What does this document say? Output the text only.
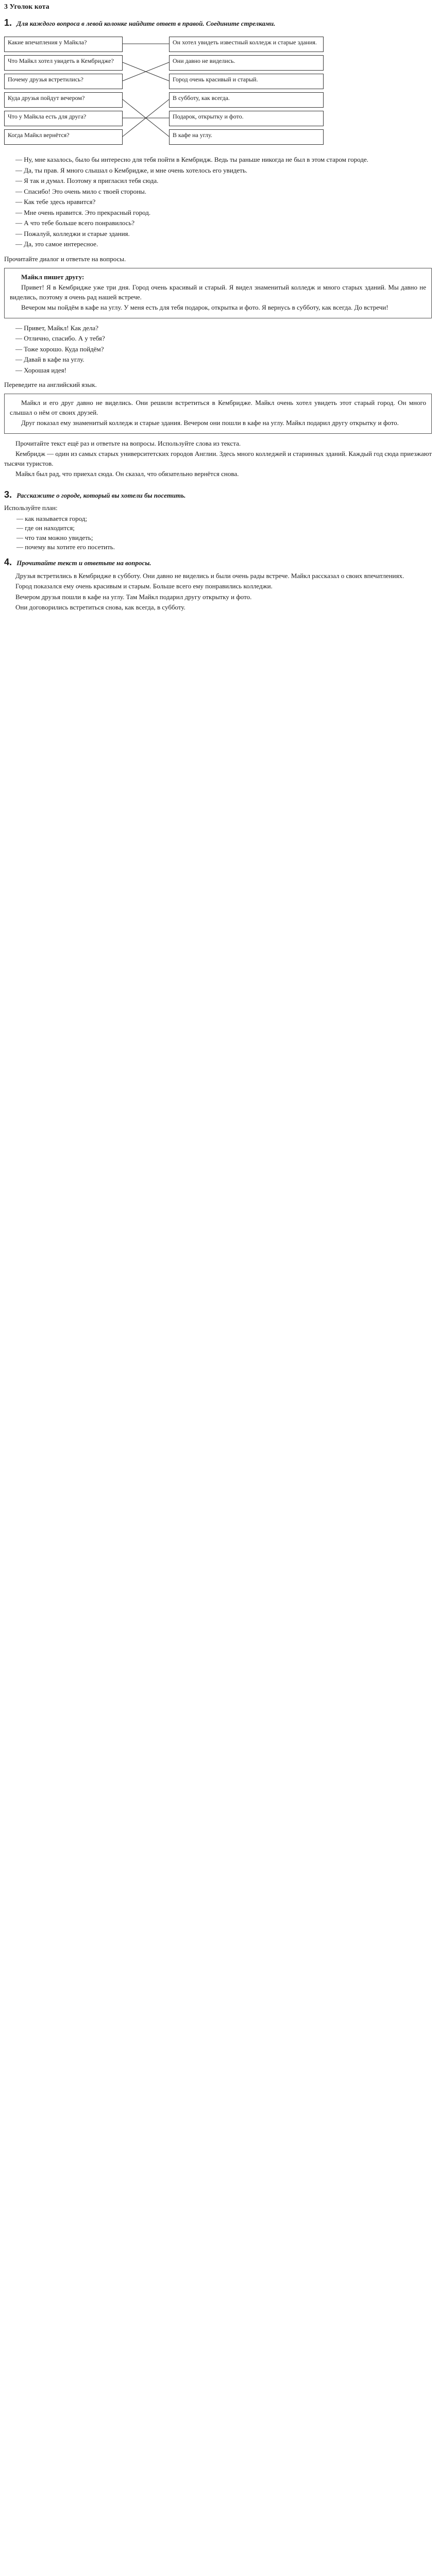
3 Уголок кота
1. Для каждого вопроса в левой колонке найдите ответ в правой. Соедините стрелками.
Какие впечатления у Майкла?
Что Майкл хотел увидеть в Кембридже?
Почему друзья встретились?
Куда друзья пойдут вечером?
Что у Майкла есть для друга?
Когда Майкл вернётся?
Он хотел увидеть известный колледж и старые здания.
Они давно не виделись.
Город очень красивый и старый.
В субботу, как всегда.
Подарок, открытку и фото.
В кафе на углу.

— Ну, мне казалось, было бы интересно для тебя пойти в Кембридж. Ведь ты раньше никогда не был в этом старом городе.

— Да, ты прав. Я много слышал о Кембридже, и мне очень хотелось его увидеть.

— Я так и думал. Поэтому я пригласил тебя сюда.

— Спасибо! Это очень мило с твоей стороны.

— Как тебе здесь нравится?

— Мне очень нравится. Это прекрасный город.

— А что тебе больше всего понравилось?

— Пожалуй, колледжи и старые здания.

— Да, это самое интересное.

Прочитайте диалог и ответьте на вопросы.

Майкл пишет другу:

Привет! Я в Кембридже уже три дня. Город очень красивый и старый. Я видел знаменитый колледж и много старых зданий. Мы давно не виделись, поэтому я очень рад нашей встрече.

Вечером мы пойдём в кафе на углу. У меня есть для тебя подарок, открытка и фото. Я вернусь в субботу, как всегда. До встречи!

— Привет, Майкл! Как дела?

— Отлично, спасибо. А у тебя?

— Тоже хорошо. Куда пойдём?

— Давай в кафе на углу.

— Хорошая идея!

Переведите на английский язык.

Майкл и его друг давно не виделись. Они решили встретиться в Кембридже. Майкл очень хотел увидеть этот старый город. Он много слышал о нём от своих друзей.

Друг показал ему знаменитый колледж и старые здания. Вечером они пошли в кафе на углу. Майкл подарил другу открытку и фото.

Прочитайте текст ещё раз и ответьте на вопросы. Используйте слова из текста.

Кембридж — один из самых старых университетских городов Англии. Здесь много колледжей и старинных зданий. Каждый год сюда приезжают тысячи туристов.

Майкл был рад, что приехал сюда. Он сказал, что обязательно вернётся снова.

3. Расскажите о городе, который вы хотели бы посетить.

Используйте план:

— как называется город;
— где он находится;
— что там можно увидеть;
— почему вы хотите его посетить.
4. Прочитайте текст и ответьте на вопросы.

Друзья встретились в Кембридже в субботу. Они давно не виделись и были очень рады встрече. Майкл рассказал о своих впечатлениях.

Город показался ему очень красивым и старым. Больше всего ему понравились колледжи.

Вечером друзья пошли в кафе на углу. Там Майкл подарил другу открытку и фото.

Они договорились встретиться снова, как всегда, в субботу.
